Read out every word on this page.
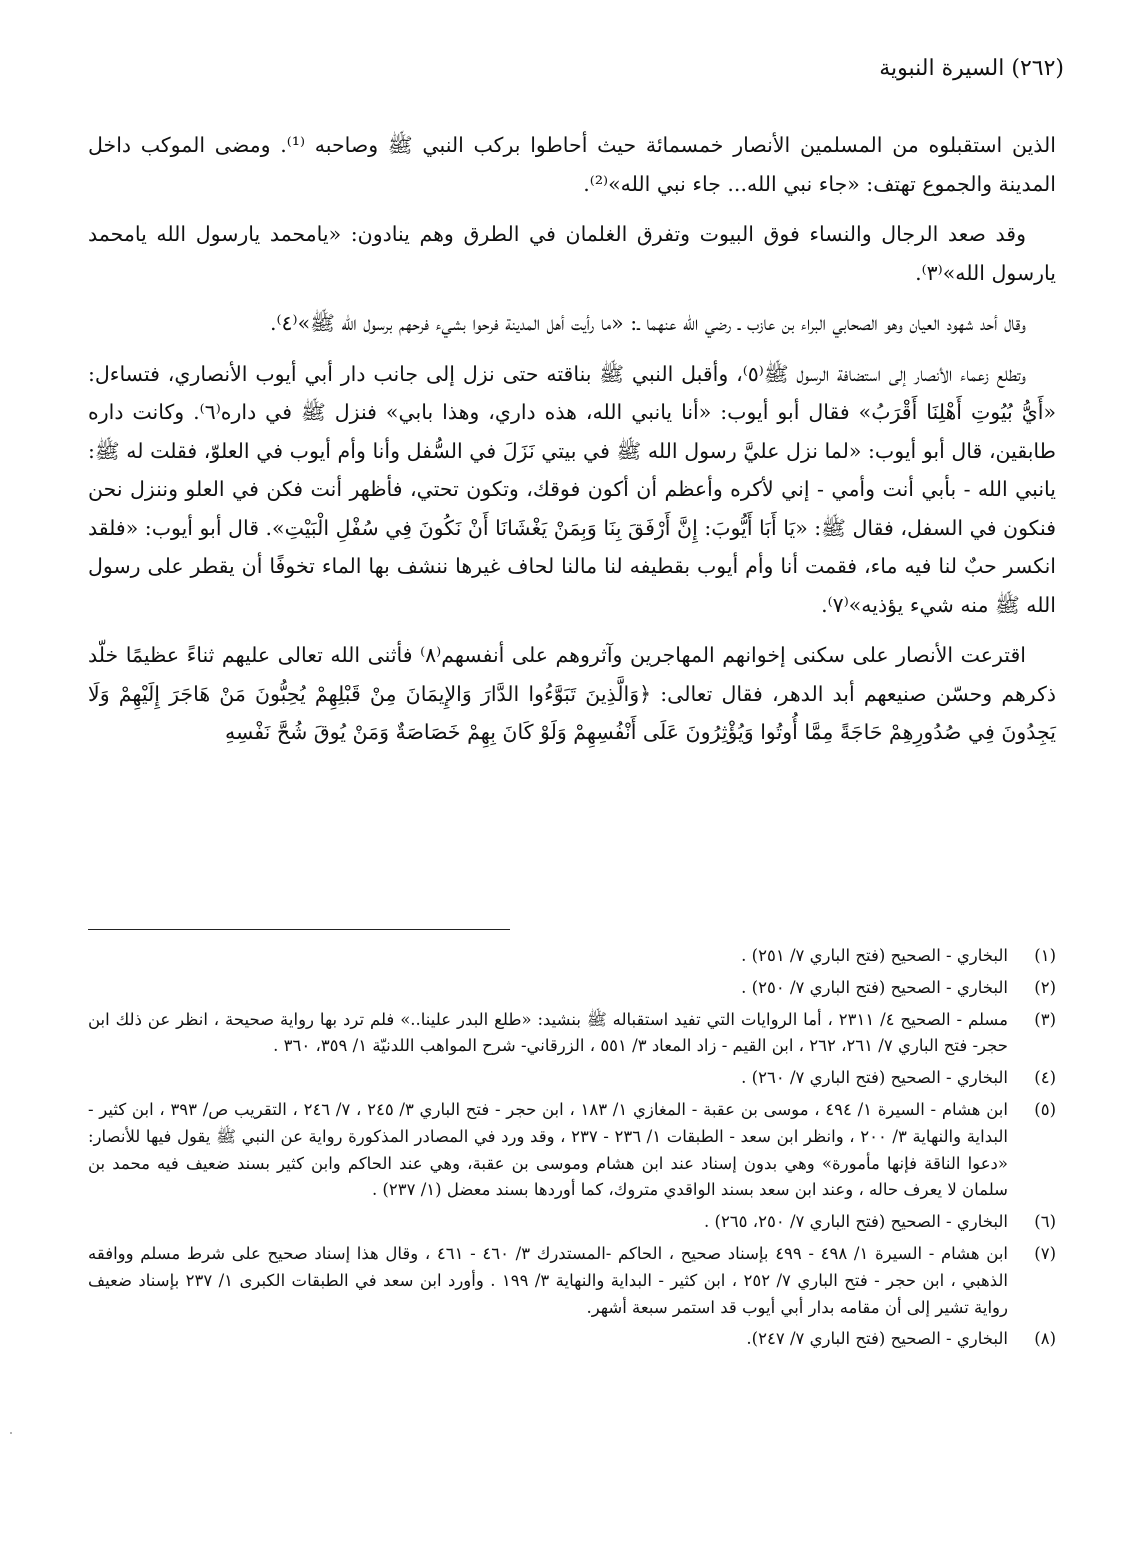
(٢٦٢) السيرة النبوية

الذين استقبلوه من المسلمين الأنصار خمسمائة حيث أحاطوا بركب النبي ﷺ وصاحبه ⁽¹⁾. ومضى الموكب داخل المدينة والجموع تهتف: «جاء نبي الله... جاء نبي الله»⁽²⁾.

وقد صعد الرجال والنساء فوق البيوت وتفرق الغلمان في الطرق وهم ينادون: «يامحمد يارسول الله يامحمد يارسول الله»⁽٣⁾.

وقال أحد شهود العيان وهو الصحابي البراء بن عازب ـ رضي الله عنهما ـ: «ما رأيت أهل المدينة فرحوا بشيء فرحهم برسول الله ﷺ»⁽٤⁾.

وتطلع زعماء الأنصار إلى استضافة الرسول ﷺ⁽٥⁾، وأقبل النبي ﷺ بناقته حتى نزل إلى جانب دار أبي أيوب الأنصاري، فتساءل: «أَيُّ بُيُوتِ أَهْلِنَا أَقْرَبُ» فقال أبو أيوب: «أنا يانبي الله، هذه داري، وهذا بابي» فنزل ﷺ في داره⁽٦⁾. وكانت داره طابقين، قال أبو أيوب: «لما نزل عليَّ رسول الله ﷺ في بيتي نَزَلَ في السُّفل وأنا وأم أيوب في العلوّ، فقلت له ﷺ: يانبي الله - بأبي أنت وأمي - إني لأكره وأعظم أن أكون فوقك، وتكون تحتي، فأظهر أنت فكن في العلو وننزل نحن فنكون في السفل، فقال ﷺ: «يَا أَبَا أَيُّوبَ: إِنَّ أَرْفَقَ بِنَا وَبِمَنْ يَغْشَانَا أَنْ نَكُونَ فِي سُفْلِ الْبَيْتِ». قال أبو أيوب: «فلقد انكسر حبٌ لنا فيه ماء، فقمت أنا وأم أيوب بقطيفه لنا مالنا لحاف غيرها ننشف بها الماء تخوفًا أن يقطر على رسول الله ﷺ منه شيء يؤذيه»⁽٧⁾.

اقترعت الأنصار على سكنى إخوانهم المهاجرين وآثروهم على أنفسهم⁽٨⁾ فأثنى الله تعالى عليهم ثناءً عظيمًا خلّد ذكرهم وحسّن صنيعهم أبد الدهر، فقال تعالى: ﴿وَالَّذِينَ تَبَوَّءُوا الدَّارَ وَالإِيمَانَ مِنْ قَبْلِهِمْ يُحِبُّونَ مَنْ هَاجَرَ إِلَيْهِمْ وَلَا يَجِدُونَ فِي صُدُورِهِمْ حَاجَةً مِمَّا أُوتُوا وَيُؤْثِرُونَ عَلَى أَنْفُسِهِمْ وَلَوْ كَانَ بِهِمْ خَصَاصَةٌ وَمَنْ يُوقَ شُحَّ نَفْسِهِ

(١)
البخاري - الصحيح (فتح الباري ٧/ ٢٥١) .
(٢)
البخاري - الصحيح (فتح الباري ٧/ ٢٥٠) .
(٣)
مسلم - الصحيح ٤/ ٢٣١١ ، أما الروايات التي تفيد استقباله ﷺ بنشيد: «طلع البدر علينا..» فلم ترد بها رواية صحيحة ، انظر عن ذلك ابن حجر- فتح الباري ٧/ ٢٦١، ٢٦٢ ، ابن القيم - زاد المعاد ٣/ ٥٥١ ، الزرقاني- شرح المواهب اللدنيّة ١/ ٣٥٩، ٣٦٠ .
(٤)
البخاري - الصحيح (فتح الباري ٧/ ٢٦٠) .
(٥)
ابن هشام - السيرة ١/ ٤٩٤ ، موسى بن عقبة - المغازي ١/ ١٨٣ ، ابن حجر - فتح الباري ٣/ ٢٤٥ ، ٧/ ٢٤٦ ، التقريب ص/ ٣٩٣ ، ابن كثير - البداية والنهاية ٣/ ٢٠٠ ، وانظر ابن سعد - الطبقات ١/ ٢٣٦ - ٢٣٧ ، وقد ورد في المصادر المذكورة رواية عن النبي ﷺ يقول فيها للأنصار: «دعوا الناقة فإنها مأمورة» وهي بدون إسناد عند ابن هشام وموسى بن عقبة، وهي عند الحاكم وابن كثير بسند ضعيف فيه محمد بن سلمان لا يعرف حاله ، وعند ابن سعد بسند الواقدي متروك، كما أوردها بسند معضل (١/ ٢٣٧) .
(٦)
البخاري - الصحيح (فتح الباري ٧/ ٢٥٠، ٢٦٥) .
(٧)
ابن هشام - السيرة ١/ ٤٩٨ - ٤٩٩ بإسناد صحيح ، الحاكم -المستدرك ٣/ ٤٦٠ - ٤٦١ ، وقال هذا إسناد صحيح على شرط مسلم ووافقه الذهبي ، ابن حجر - فتح الباري ٧/ ٢٥٢ ، ابن كثير - البداية والنهاية ٣/ ١٩٩ . وأورد ابن سعد في الطبقات الكبرى ١/ ٢٣٧ بإسناد ضعيف رواية تشير إلى أن مقامه بدار أبي أيوب قد استمر سبعة أشهر.
(٨)
البخاري - الصحيح (فتح الباري ٧/ ٢٤٧).
